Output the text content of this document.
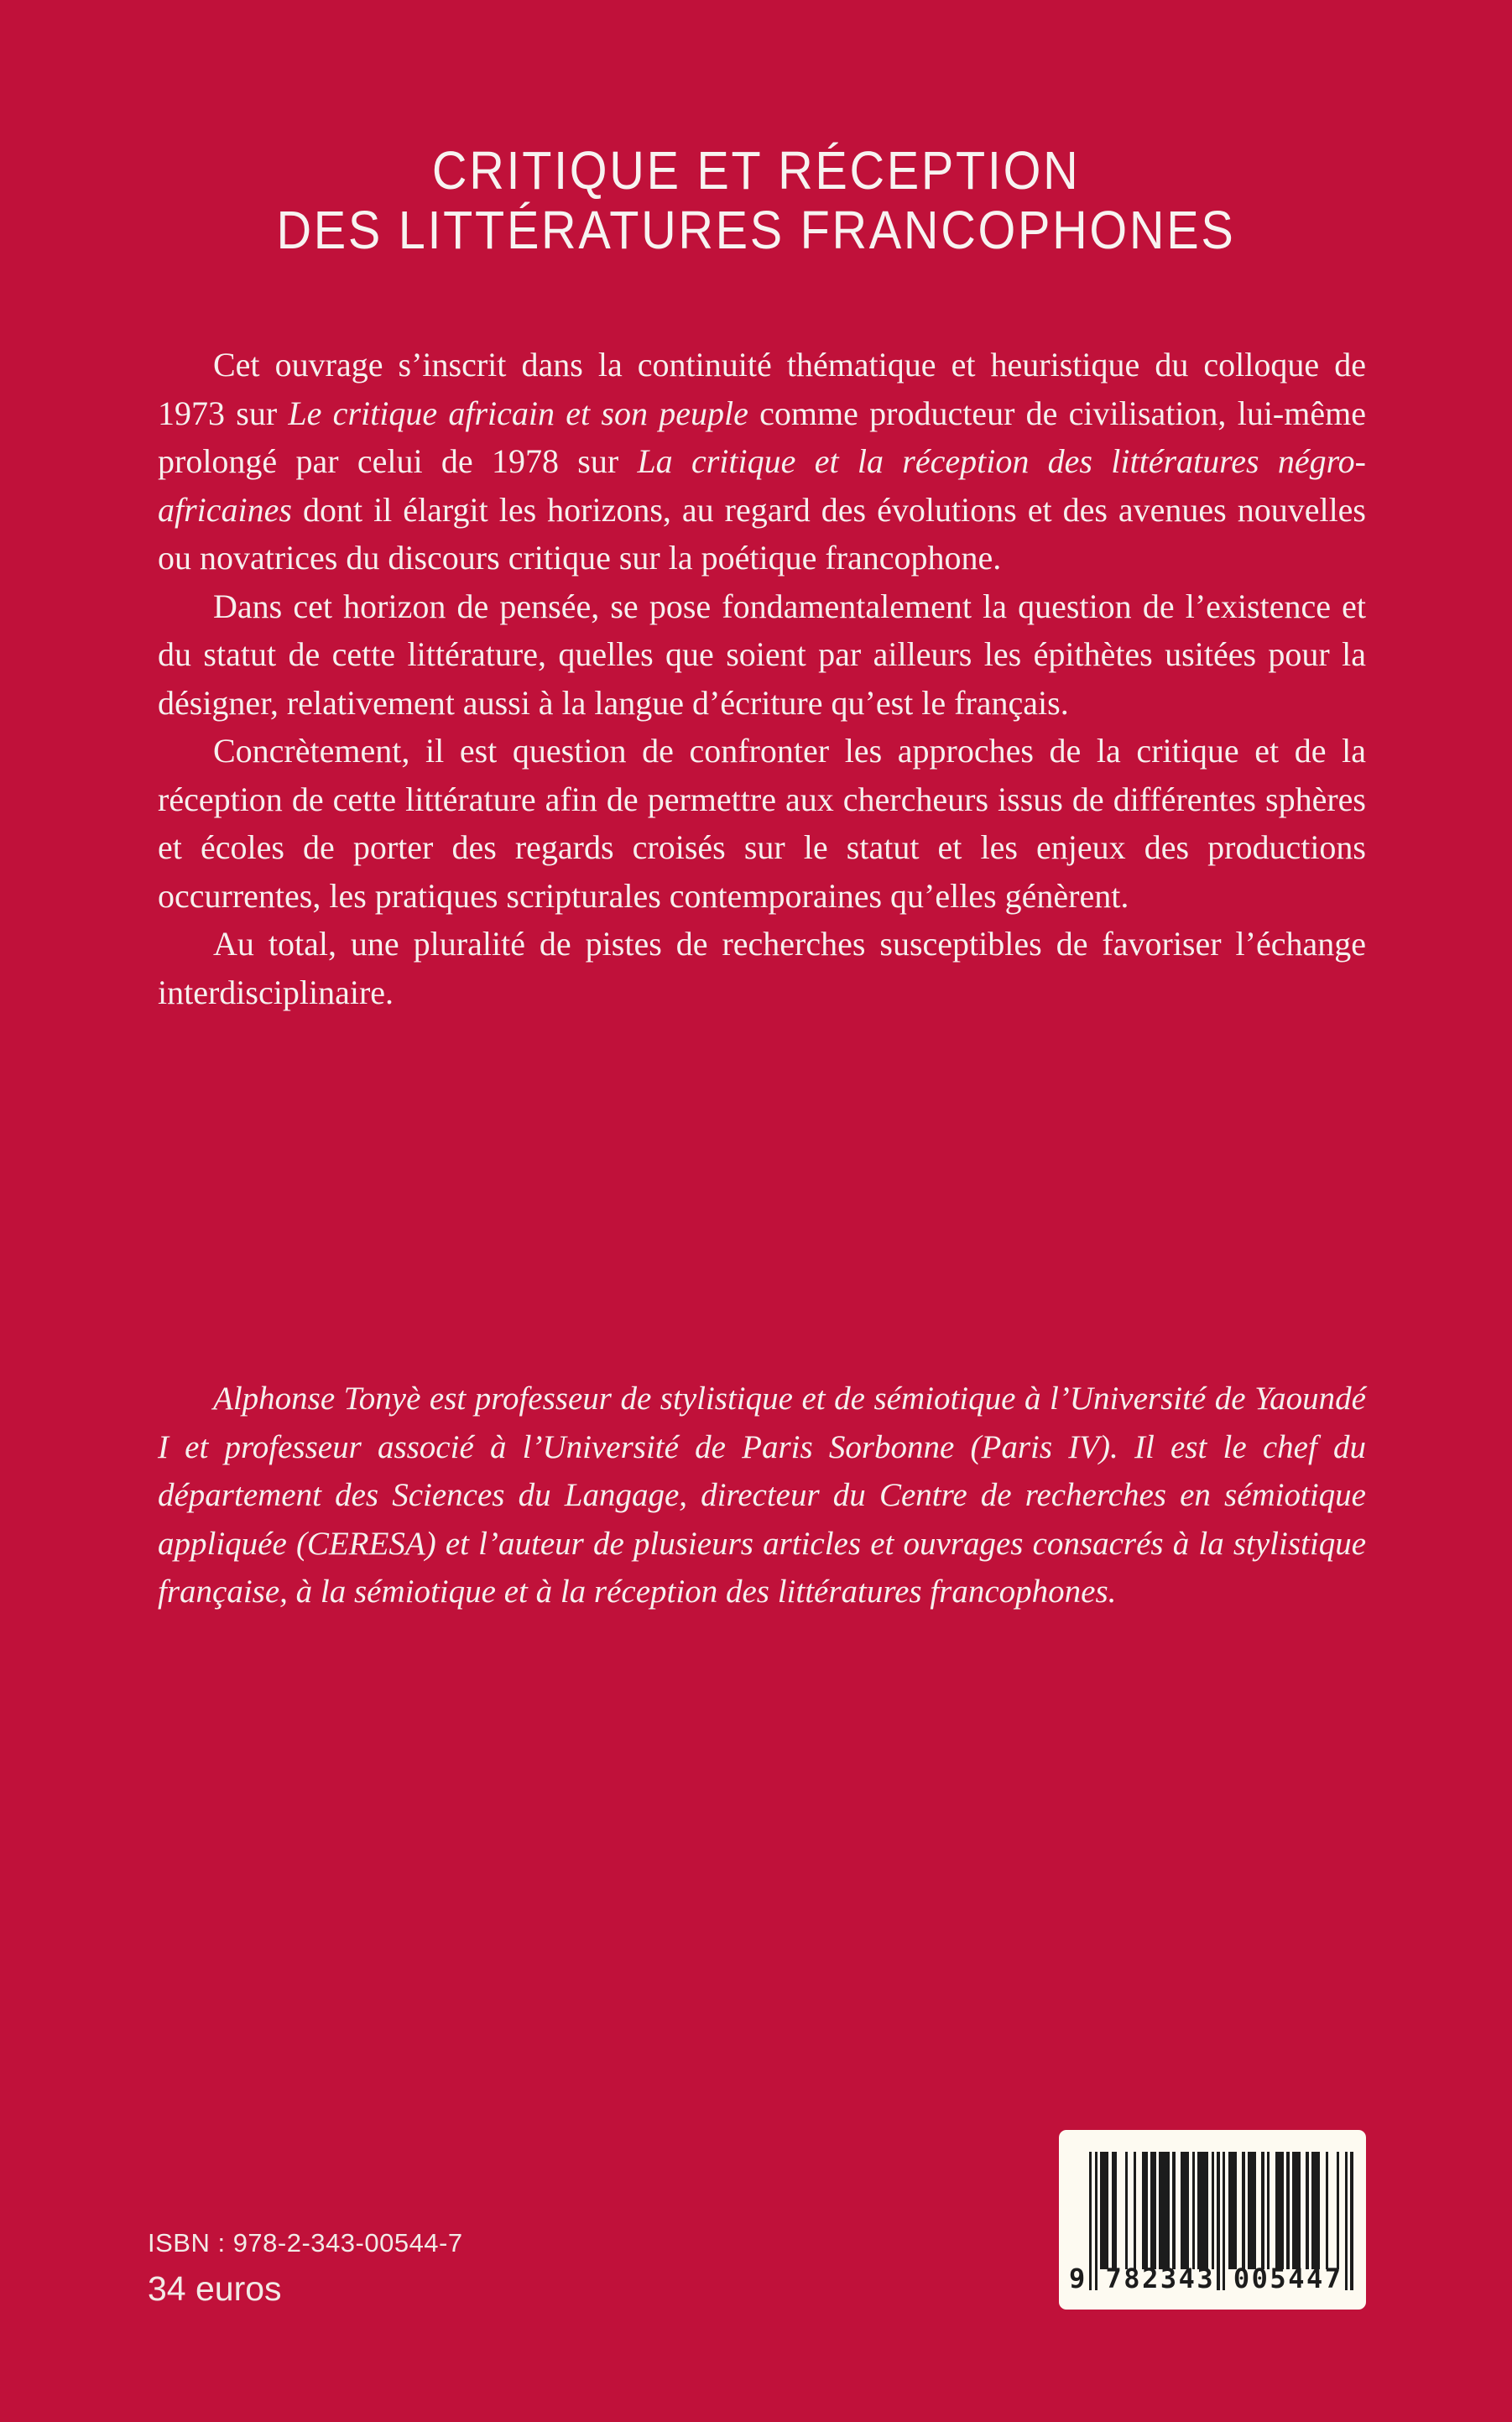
CRITIQUE ET RÉCEPTION
DES LITTÉRATURES FRANCOPHONES

Cet ouvrage s’inscrit dans la continuité thématique et heuristique du colloque de 1973 sur Le critique africain et son peuple comme producteur de civilisation, lui-même prolongé par celui de 1978 sur La critique et la réception des littératures négro-africaines dont il élargit les horizons, au regard des évolutions et des avenues nouvelles ou novatrices du discours critique sur la poétique francophone.

Dans cet horizon de pensée, se pose fondamentalement la question de l’existence et du statut de cette littérature, quelles que soient par ailleurs les épithètes usitées pour la désigner, relativement aussi à la langue d’écriture qu’est le français.

Concrètement, il est question de confronter les approches de la critique et de la réception de cette littérature afin de permettre aux chercheurs issus de différentes sphères et écoles de porter des regards croisés sur le statut et les enjeux des productions occurrentes, les pratiques scripturales contemporaines qu’elles génèrent.

Au total, une pluralité de pistes de recherches susceptibles de favoriser l’échange interdisciplinaire.

Alphonse Tonyè est professeur de stylistique et de sémiotique à l’Université de Yaoundé I et professeur associé à l’Université de Paris Sorbonne (Paris IV). Il est le chef du département des Sciences du Langage, directeur du Centre de recherches en sémiotique appliquée (CERESA) et l’auteur de plusieurs articles et ouvrages consacrés à la stylistique française, à la sémiotique et à la réception des littératures francophones.

ISBN : 978-2-343-00544-7
34 euros	9 782343 005447
